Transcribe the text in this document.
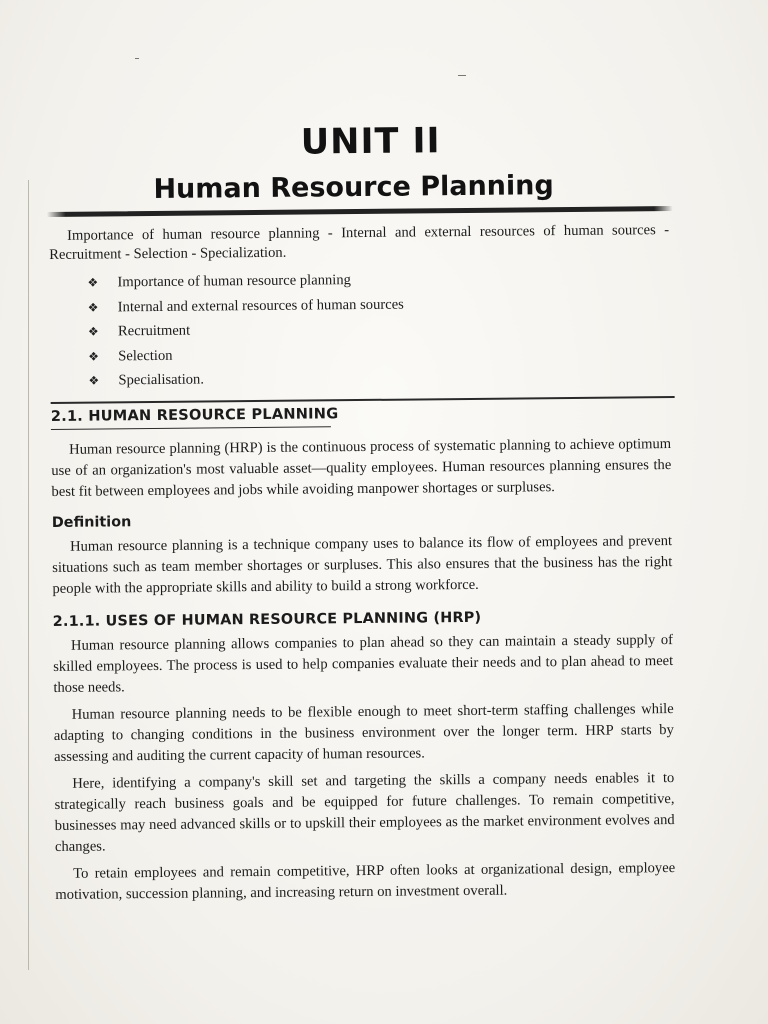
UNIT II
Human Resource Planning

Importance of human resource planning - Internal and external resources of human sources - Recruitment - Selection - Specialization.

❖	Importance of human resource planning
❖	Internal and external resources of human sources
❖	Recruitment
❖	Selection
❖	Specialisation.
2.1. HUMAN RESOURCE PLANNING

Human resource planning (HRP) is the continuous process of systematic planning to achieve optimum use of an organization's most valuable asset—quality employees. Human resources planning ensures the best fit between employees and jobs while avoiding manpower shortages or surpluses.

Definition

Human resource planning is a technique company uses to balance its flow of employees and prevent situations such as team member shortages or surpluses. This also ensures that the business has the right people with the appropriate skills and ability to build a strong workforce.

2.1.1. USES OF HUMAN RESOURCE PLANNING (HRP)

Human resource planning allows companies to plan ahead so they can maintain a steady supply of skilled employees. The process is used to help companies evaluate their needs and to plan ahead to meet those needs.

Human resource planning needs to be flexible enough to meet short-term staffing challenges while adapting to changing conditions in the business environment over the longer term. HRP starts by assessing and auditing the current capacity of human resources.

Here, identifying a company's skill set and targeting the skills a company needs enables it to strategically reach business goals and be equipped for future challenges. To remain competitive, businesses may need advanced skills or to upskill their employees as the market environment evolves and changes.

To retain employees and remain competitive, HRP often looks at organizational design, employee motivation, succession planning, and increasing return on investment overall.
